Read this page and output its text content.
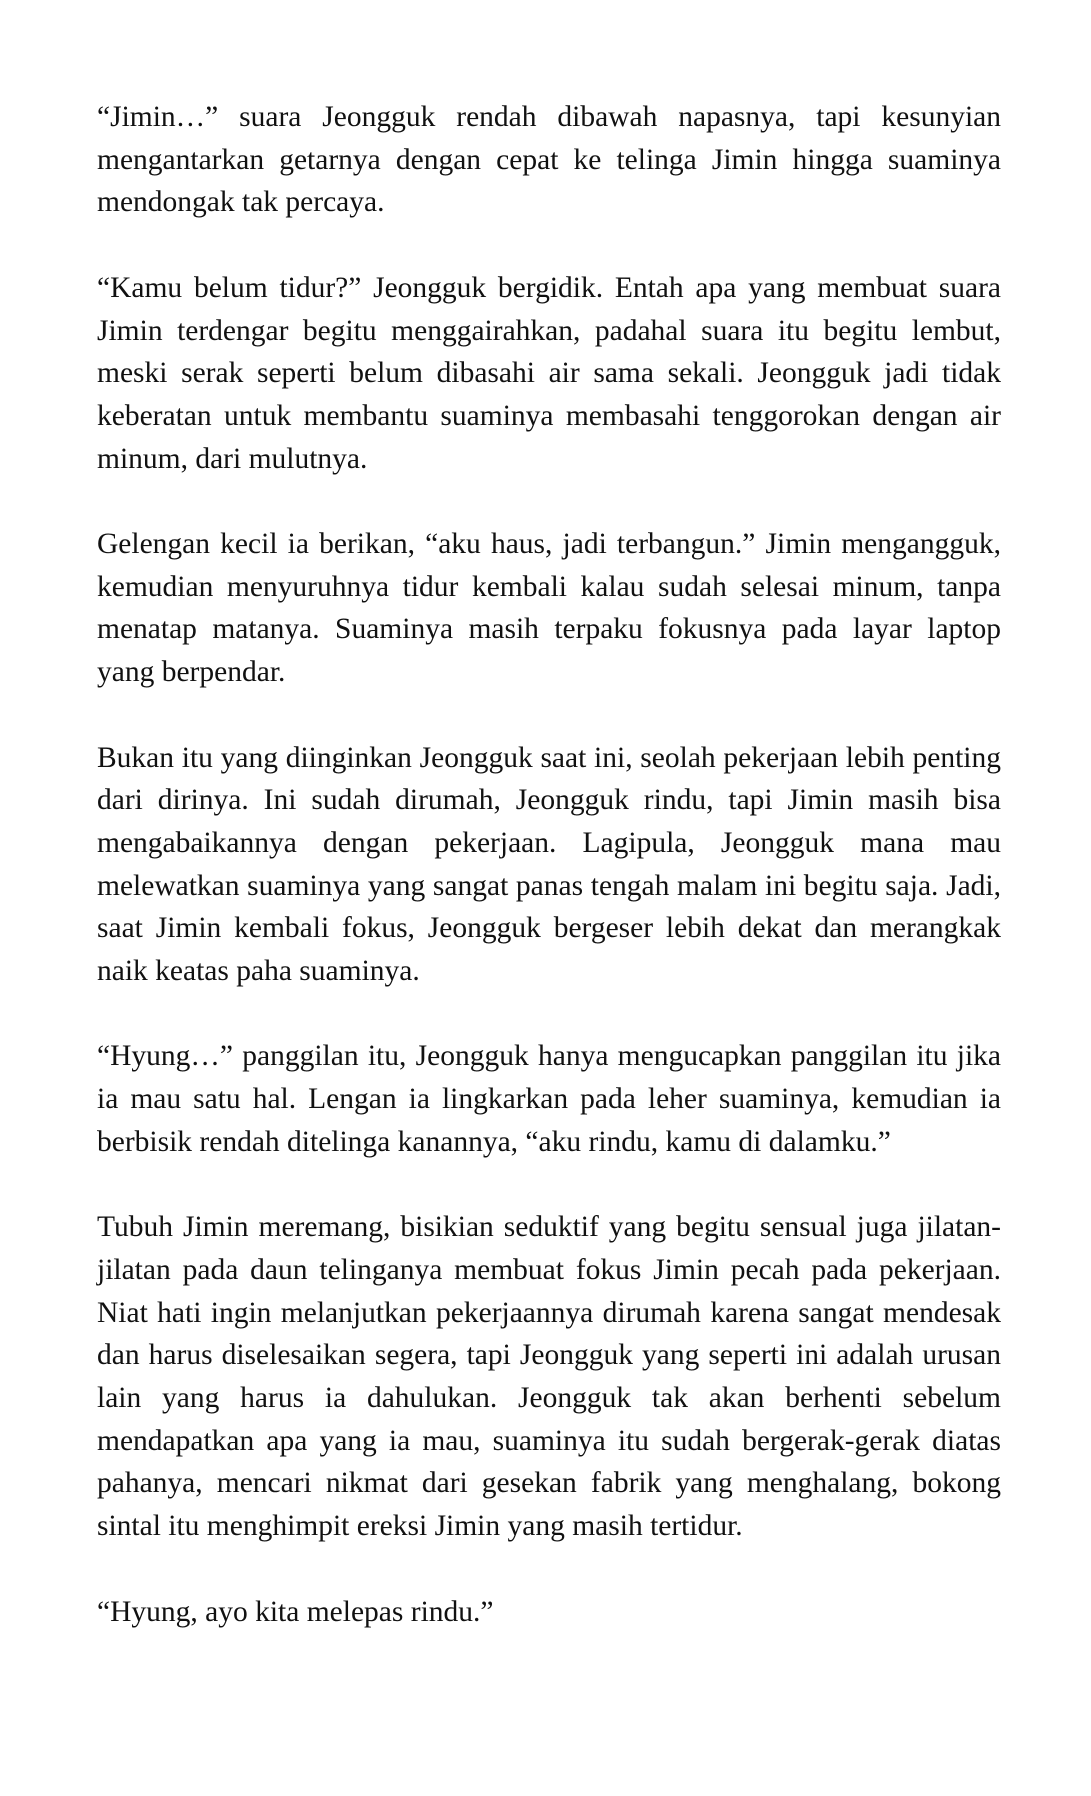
“Jimin…” suara Jeongguk rendah dibawah napasnya, tapi kesunyian mengantarkan getarnya dengan cepat ke telinga Jimin hingga suaminya mendongak tak percaya.

“Kamu belum tidur?” Jeongguk bergidik. Entah apa yang membuat suara Jimin terdengar begitu menggairahkan, padahal suara itu begitu lembut, meski serak seperti belum dibasahi air sama sekali. Jeongguk jadi tidak keberatan untuk membantu suaminya membasahi tenggorokan dengan air minum, dari mulutnya.

Gelengan kecil ia berikan, “aku haus, jadi terbangun.” Jimin mengangguk, kemudian menyuruhnya tidur kembali kalau sudah selesai minum, tanpa menatap matanya. Suaminya masih terpaku fokusnya pada layar laptop yang berpendar.

Bukan itu yang diinginkan Jeongguk saat ini, seolah pekerjaan lebih penting dari dirinya. Ini sudah dirumah, Jeongguk rindu, tapi Jimin masih bisa mengabaikannya dengan pekerjaan. Lagipula, Jeongguk mana mau melewatkan suaminya yang sangat panas tengah malam ini begitu saja. Jadi, saat Jimin kembali fokus, Jeongguk bergeser lebih dekat dan merangkak naik keatas paha suaminya.

“Hyung…” panggilan itu, Jeongguk hanya mengucapkan panggilan itu jika ia mau satu hal. Lengan ia lingkarkan pada leher suaminya, kemudian ia berbisik rendah ditelinga kanannya, “aku rindu, kamu di dalamku.”

Tubuh Jimin meremang, bisikian seduktif yang begitu sensual juga jilatan-jilatan pada daun telinganya membuat fokus Jimin pecah pada pekerjaan. Niat hati ingin melanjutkan pekerjaannya dirumah karena sangat mendesak dan harus diselesaikan segera, tapi Jeongguk yang seperti ini adalah urusan lain yang harus ia dahulukan. Jeongguk tak akan berhenti sebelum mendapatkan apa yang ia mau, suaminya itu sudah bergerak-gerak diatas pahanya, mencari nikmat dari gesekan fabrik yang menghalang, bokong sintal itu menghimpit ereksi Jimin yang masih tertidur.

“Hyung, ayo kita melepas rindu.”
